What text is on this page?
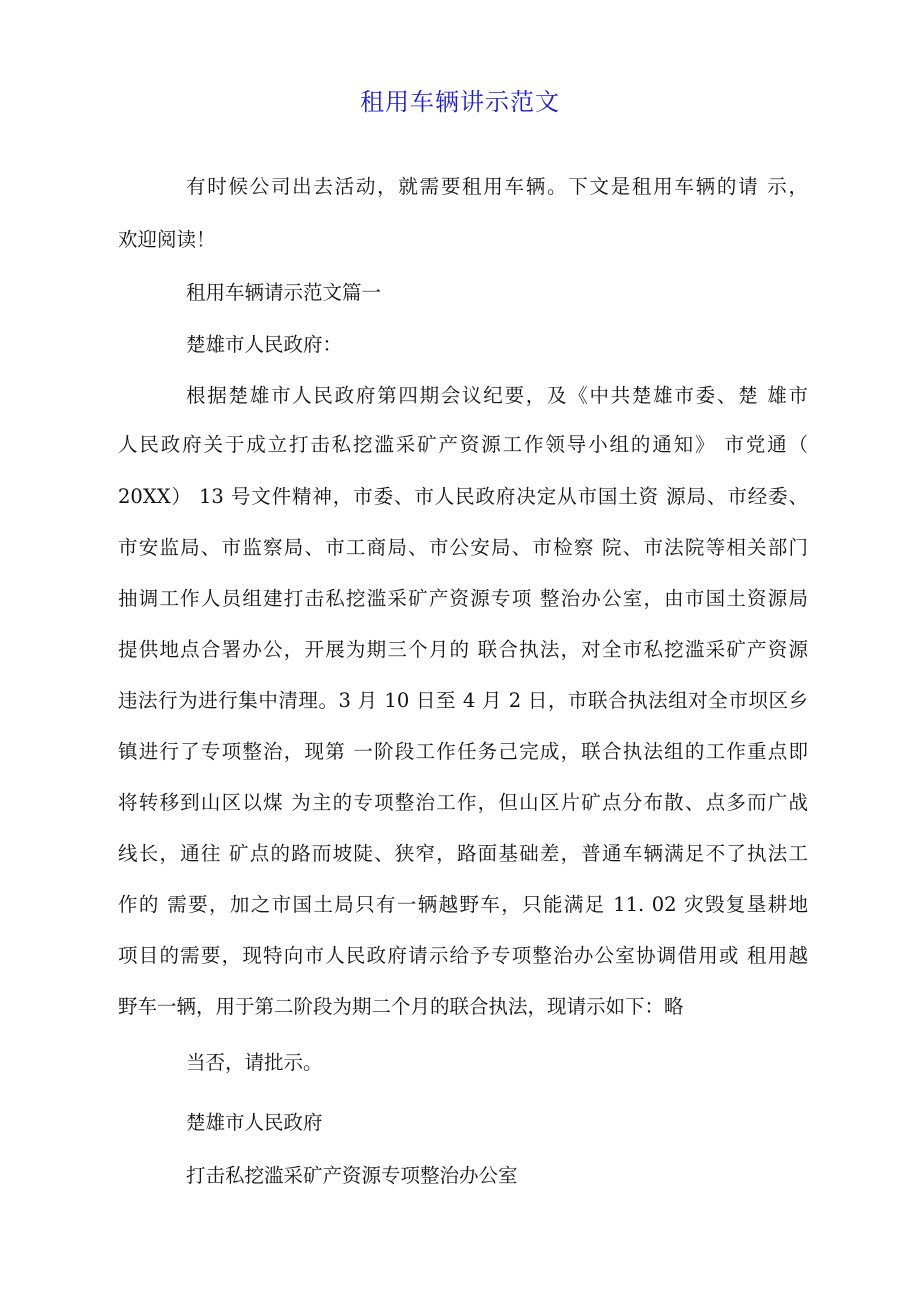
租用车辆讲示范文
有时候公司出去活动，就需要租用车辆。下文是租用车辆的请 示，
欢迎阅读！
租用车辆请示范文篇一
楚雄市人民政府：
根据楚雄市人民政府第四期会议纪要，及《中共楚雄市委、楚 雄市
人民政府关于成立打击私挖滥采矿产资源工作领导小组的通知》 市党通（
20XX） 13 号文件精神，市委、市人民政府决定从市国土资 源局、市经委、
市安监局、市监察局、市工商局、市公安局、市检察 院、市法院等相关部门
抽调工作人员组建打击私挖滥采矿产资源专项 整治办公室，由市国土资源局
提供地点合署办公，开展为期三个月的 联合执法，对全市私挖滥采矿产资源
违法行为进行集中清理。3 月 10 日至 4 月 2 日，市联合执法组对全市坝区乡
镇进行了专项整治，现第 一阶段工作任务己完成，联合执法组的工作重点即
将转移到山区以煤 为主的专项整治工作，但山区片矿点分布散、点多而广战
线长，通往 矿点的路而坡陡、狭窄，路面基础差，普通车辆满足不了执法工
作的 需要，加之市国土局只有一辆越野车，只能满足 11. 02 灾毁复垦耕地
项目的需要，现特向市人民政府请示给予专项整治办公室协调借用或 租用越
野车一辆，用于第二阶段为期二个月的联合执法，现请示如下：略
当否，请批示。
楚雄市人民政府
打击私挖滥采矿产资源专项整治办公室
